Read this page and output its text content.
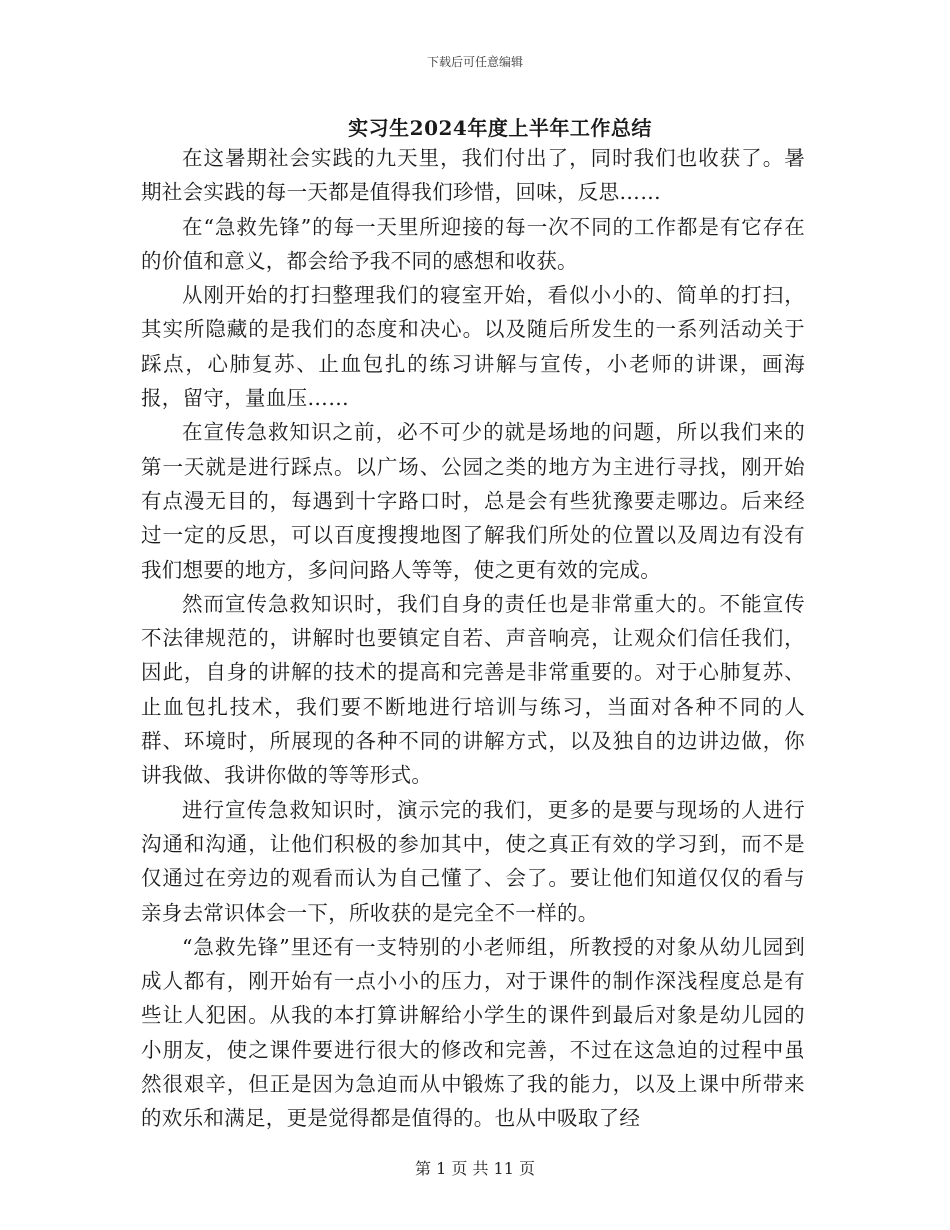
下载后可任意编辑
实习生2024年度上半年工作总结

在这暑期社会实践的九天里，我们付出了，同时我们也收获了。暑期社会实践的每一天都是值得我们珍惜，回味，反思……

在“急救先锋”的每一天里所迎接的每一次不同的工作都是有它存在的价值和意义，都会给予我不同的感想和收获。

从刚开始的打扫整理我们的寝室开始，看似小小的、简单的打扫，其实所隐藏的是我们的态度和决心。以及随后所发生的一系列活动关于踩点，心肺复苏、止血包扎的练习讲解与宣传，小老师的讲课，画海报，留守，量血压……

在宣传急救知识之前，必不可少的就是场地的问题，所以我们来的第一天就是进行踩点。以广场、公园之类的地方为主进行寻找，刚开始有点漫无目的，每遇到十字路口时，总是会有些犹豫要走哪边。后来经过一定的反思，可以百度搜搜地图了解我们所处的位置以及周边有没有我们想要的地方，多问问路人等等，使之更有效的完成。

然而宣传急救知识时，我们自身的责任也是非常重大的。不能宣传不法律规范的，讲解时也要镇定自若、声音响亮，让观众们信任我们，因此，自身的讲解的技术的提高和完善是非常重要的。对于心肺复苏、止血包扎技术，我们要不断地进行培训与练习，当面对各种不同的人群、环境时，所展现的各种不同的讲解方式，以及独自的边讲边做，你讲我做、我讲你做的等等形式。

进行宣传急救知识时，演示完的我们，更多的是要与现场的人进行沟通和沟通，让他们积极的参加其中，使之真正有效的学习到，而不是仅通过在旁边的观看而认为自己懂了、会了。要让他们知道仅仅的看与亲身去常识体会一下，所收获的是完全不一样的。

“急救先锋”里还有一支特别的小老师组，所教授的对象从幼儿园到成人都有，刚开始有一点小小的压力，对于课件的制作深浅程度总是有些让人犯困。从我的本打算讲解给小学生的课件到最后对象是幼儿园的小朋友，使之课件要进行很大的修改和完善，不过在这急迫的过程中虽然很艰辛，但正是因为急迫而从中锻炼了我的能力，以及上课中所带来的欢乐和满足，更是觉得都是值得的。也从中吸取了经

第 1 页 共 11 页
